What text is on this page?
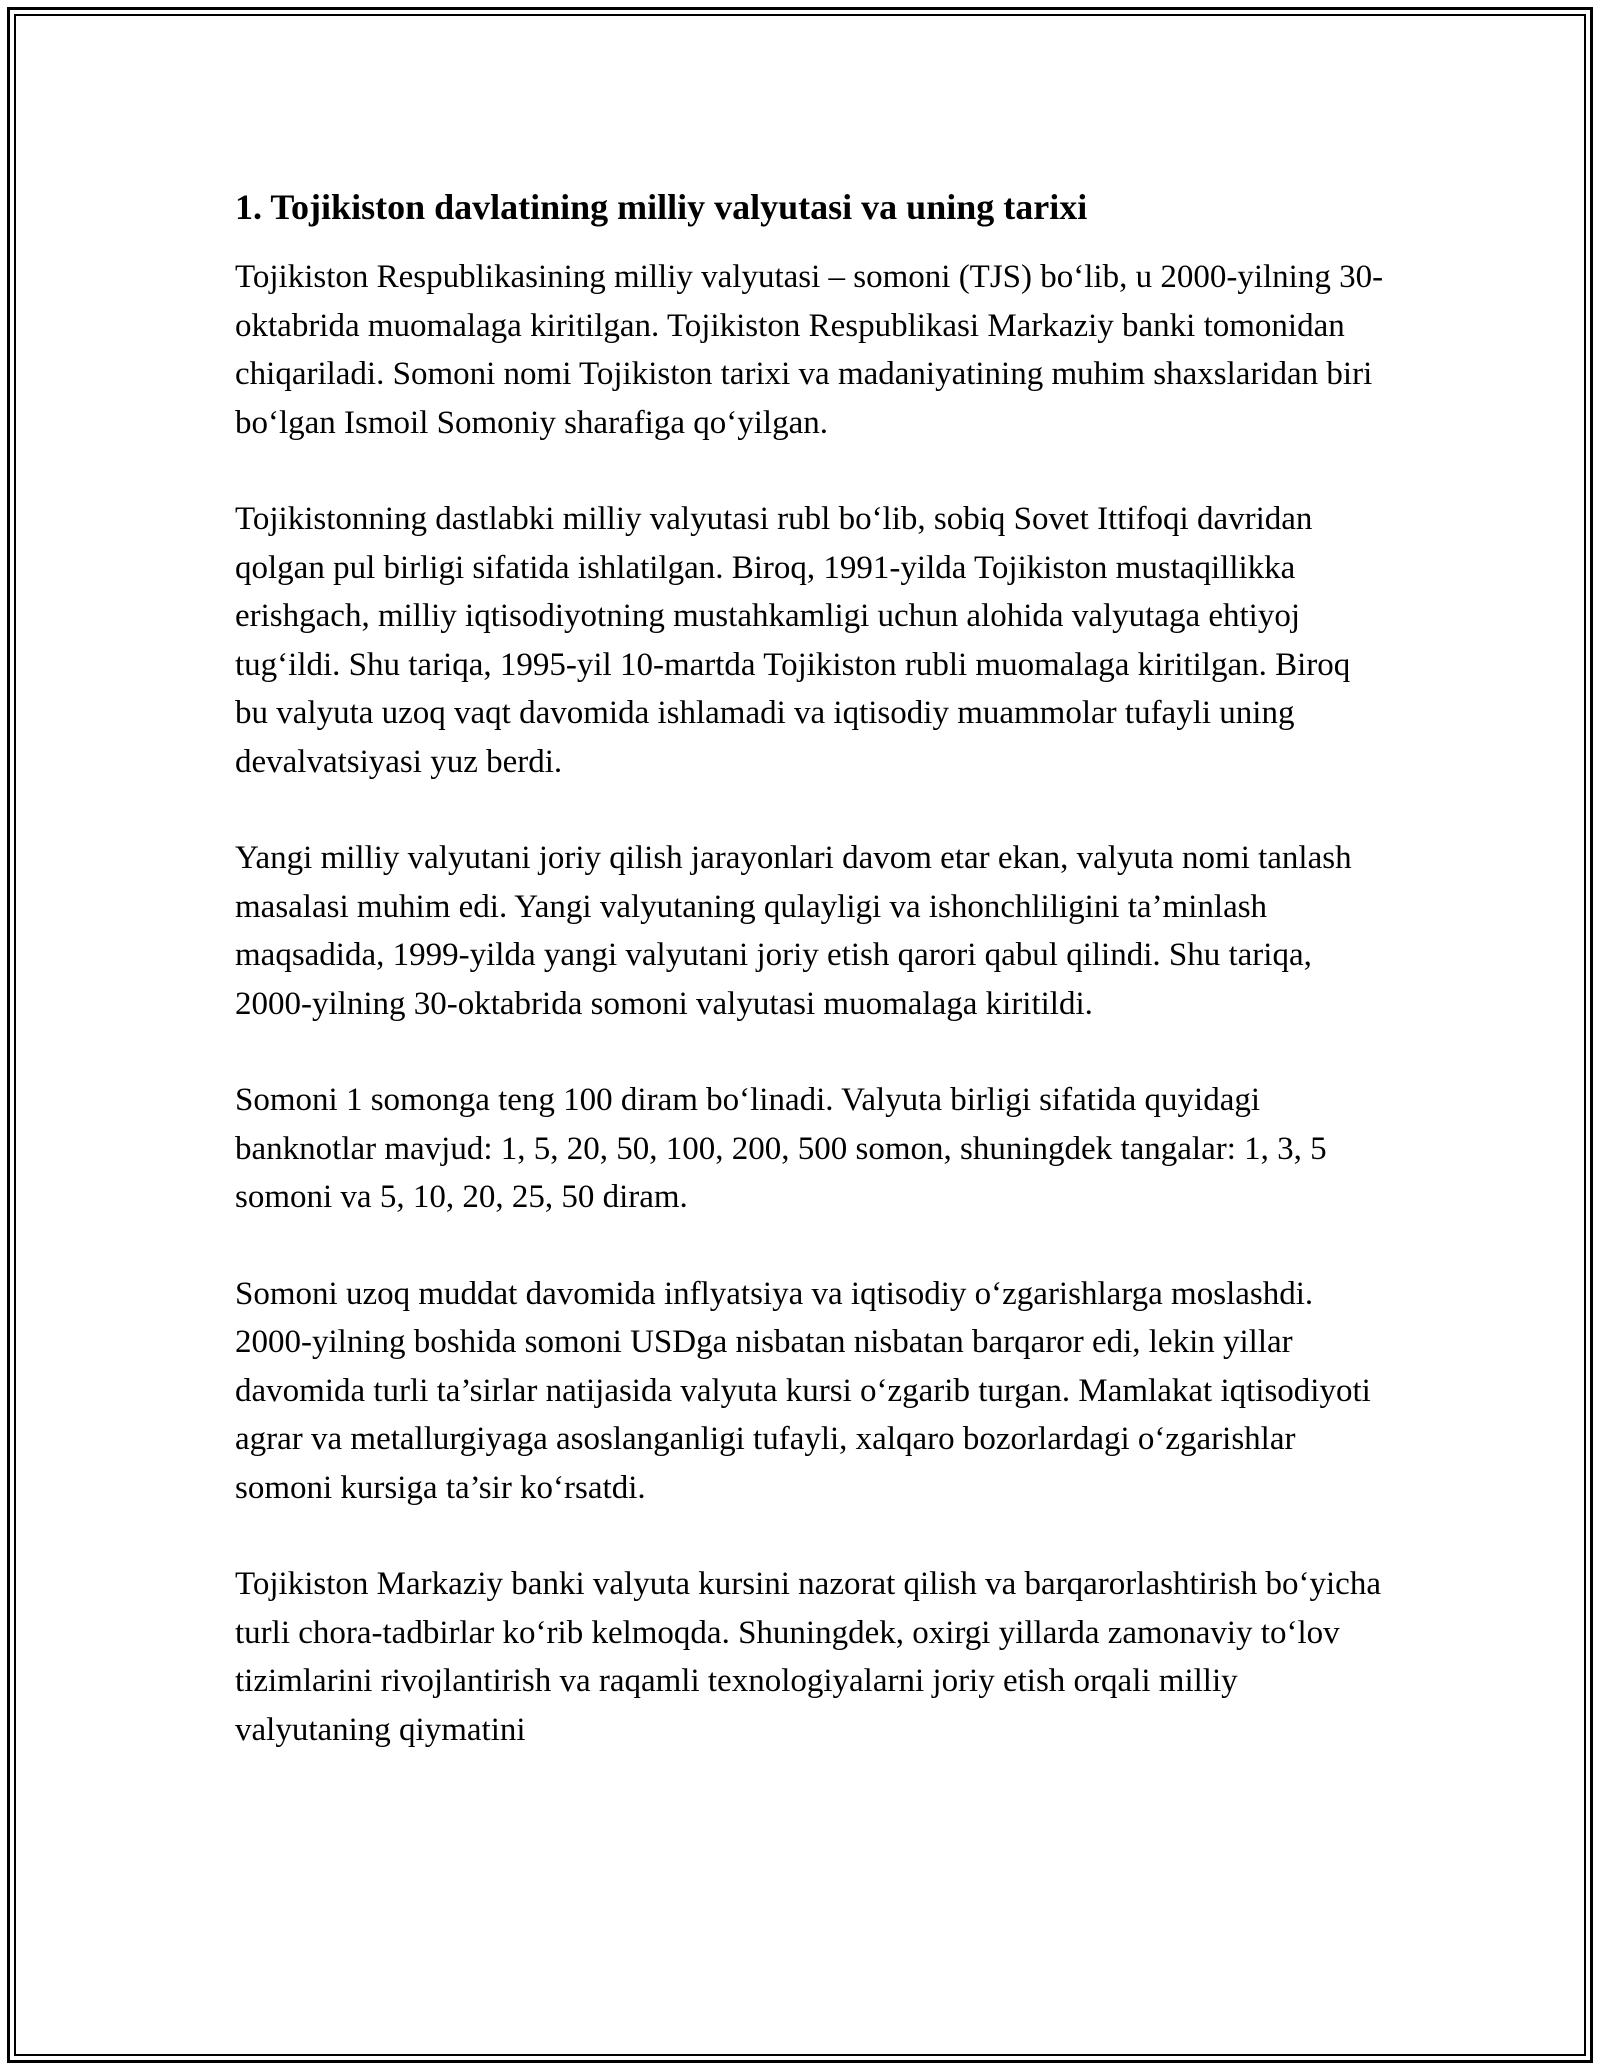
1. Tojikiston davlatining milliy valyutasi va uning tarixi

Tojikiston Respublikasining milliy valyutasi – somoni (TJS) bo‘lib, u 2000-yilning 30-oktabrida muomalaga kiritilgan. Tojikiston Respublikasi Markaziy banki tomonidan chiqariladi. Somoni nomi Tojikiston tarixi va madaniyatining muhim shaxslaridan biri bo‘lgan Ismoil Somoniy sharafiga qo‘yilgan.

Tojikistonning dastlabki milliy valyutasi rubl bo‘lib, sobiq Sovet Ittifoqi davridan qolgan pul birligi sifatida ishlatilgan. Biroq, 1991-yilda Tojikiston mustaqillikka erishgach, milliy iqtisodiyotning mustahkamligi uchun alohida valyutaga ehtiyoj tug‘ildi. Shu tariqa, 1995-yil 10-martda Tojikiston rubli muomalaga kiritilgan. Biroq bu valyuta uzoq vaqt davomida ishlamadi va iqtisodiy muammolar tufayli uning devalvatsiyasi yuz berdi.

Yangi milliy valyutani joriy qilish jarayonlari davom etar ekan, valyuta nomi tanlash masalasi muhim edi. Yangi valyutaning qulayligi va ishonchliligini ta’minlash maqsadida, 1999-yilda yangi valyutani joriy etish qarori qabul qilindi. Shu tariqa, 2000-yilning 30-oktabrida somoni valyutasi muomalaga kiritildi.

Somoni 1 somonga teng 100 diram bo‘linadi. Valyuta birligi sifatida quyidagi banknotlar mavjud: 1, 5, 20, 50, 100, 200, 500 somon, shuningdek tangalar: 1, 3, 5 somoni va 5, 10, 20, 25, 50 diram.

Somoni uzoq muddat davomida inflyatsiya va iqtisodiy o‘zgarishlarga moslashdi. 2000-yilning boshida somoni USDga nisbatan nisbatan barqaror edi, lekin yillar davomida turli ta’sirlar natijasida valyuta kursi o‘zgarib turgan. Mamlakat iqtisodiyoti agrar va metallurgiyaga asoslanganligi tufayli, xalqaro bozorlardagi o‘zgarishlar somoni kursiga ta’sir ko‘rsatdi.

Tojikiston Markaziy banki valyuta kursini nazorat qilish va barqarorlashtirish bo‘yicha turli chora-tadbirlar ko‘rib kelmoqda. Shuningdek, oxirgi yillarda zamonaviy to‘lov tizimlarini rivojlantirish va raqamli texnologiyalarni joriy etish orqali milliy valyutaning qiymatini
